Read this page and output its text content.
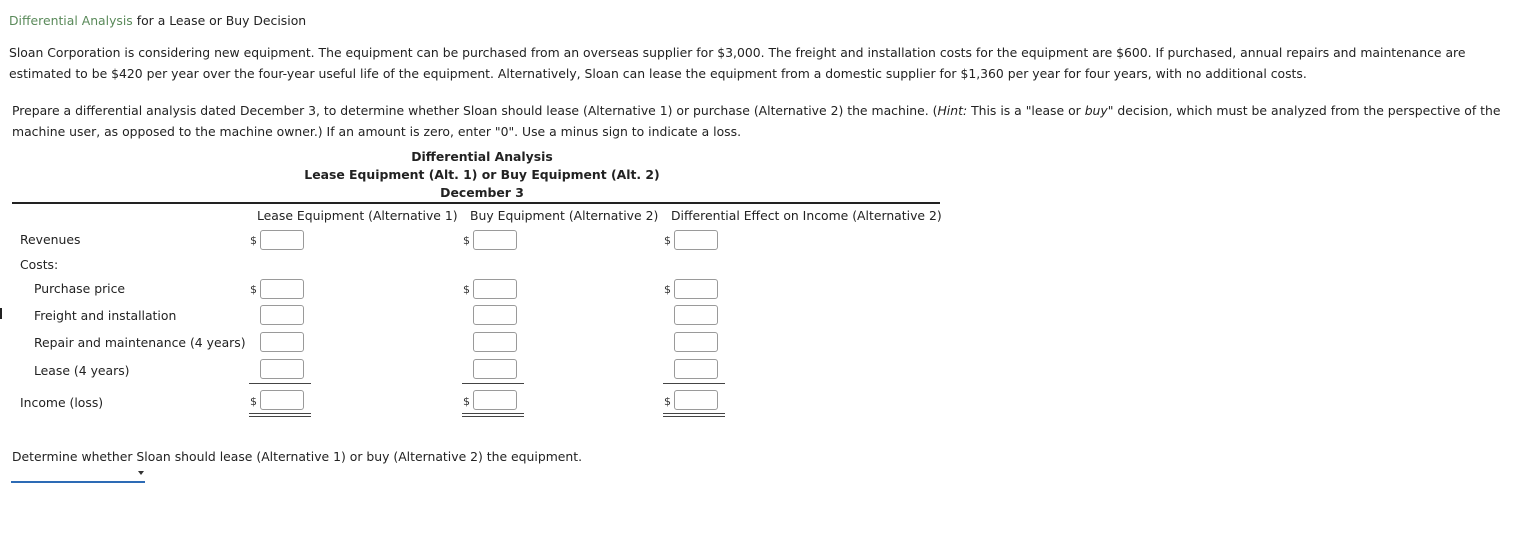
Differential Analysis for a Lease or Buy Decision
Sloan Corporation is considering new equipment. The equipment can be purchased from an overseas supplier for $3,000. The freight and installation costs for the equipment are $600. If purchased, annual repairs and maintenance are estimated to be $420 per year over the four-year useful life of the equipment. Alternatively, Sloan can lease the equipment from a domestic supplier for $1,360 per year for four years, with no additional costs.
Prepare a differential analysis dated December 3, to determine whether Sloan should lease (Alternative 1) or purchase (Alternative 2) the machine. (Hint: This is a "lease or buy" decision, which must be analyzed from the perspective of the machine user, as opposed to the machine owner.) If an amount is zero, enter "0". Use a minus sign to indicate a loss.
Differential Analysis
Lease Equipment (Alt. 1) or Buy Equipment (Alt. 2)
December 3
Lease Equipment (Alternative 1) Buy Equipment (Alternative 2) Differential Effect on Income (Alternative 2)
Revenues
Costs:
Purchase price
Freight and installation
Repair and maintenance (4 years)
Lease (4 years)
Income (loss)
$
$
$
$
$
$
$
$
$
Determine whether Sloan should lease (Alternative 1) or buy (Alternative 2) the equipment.
